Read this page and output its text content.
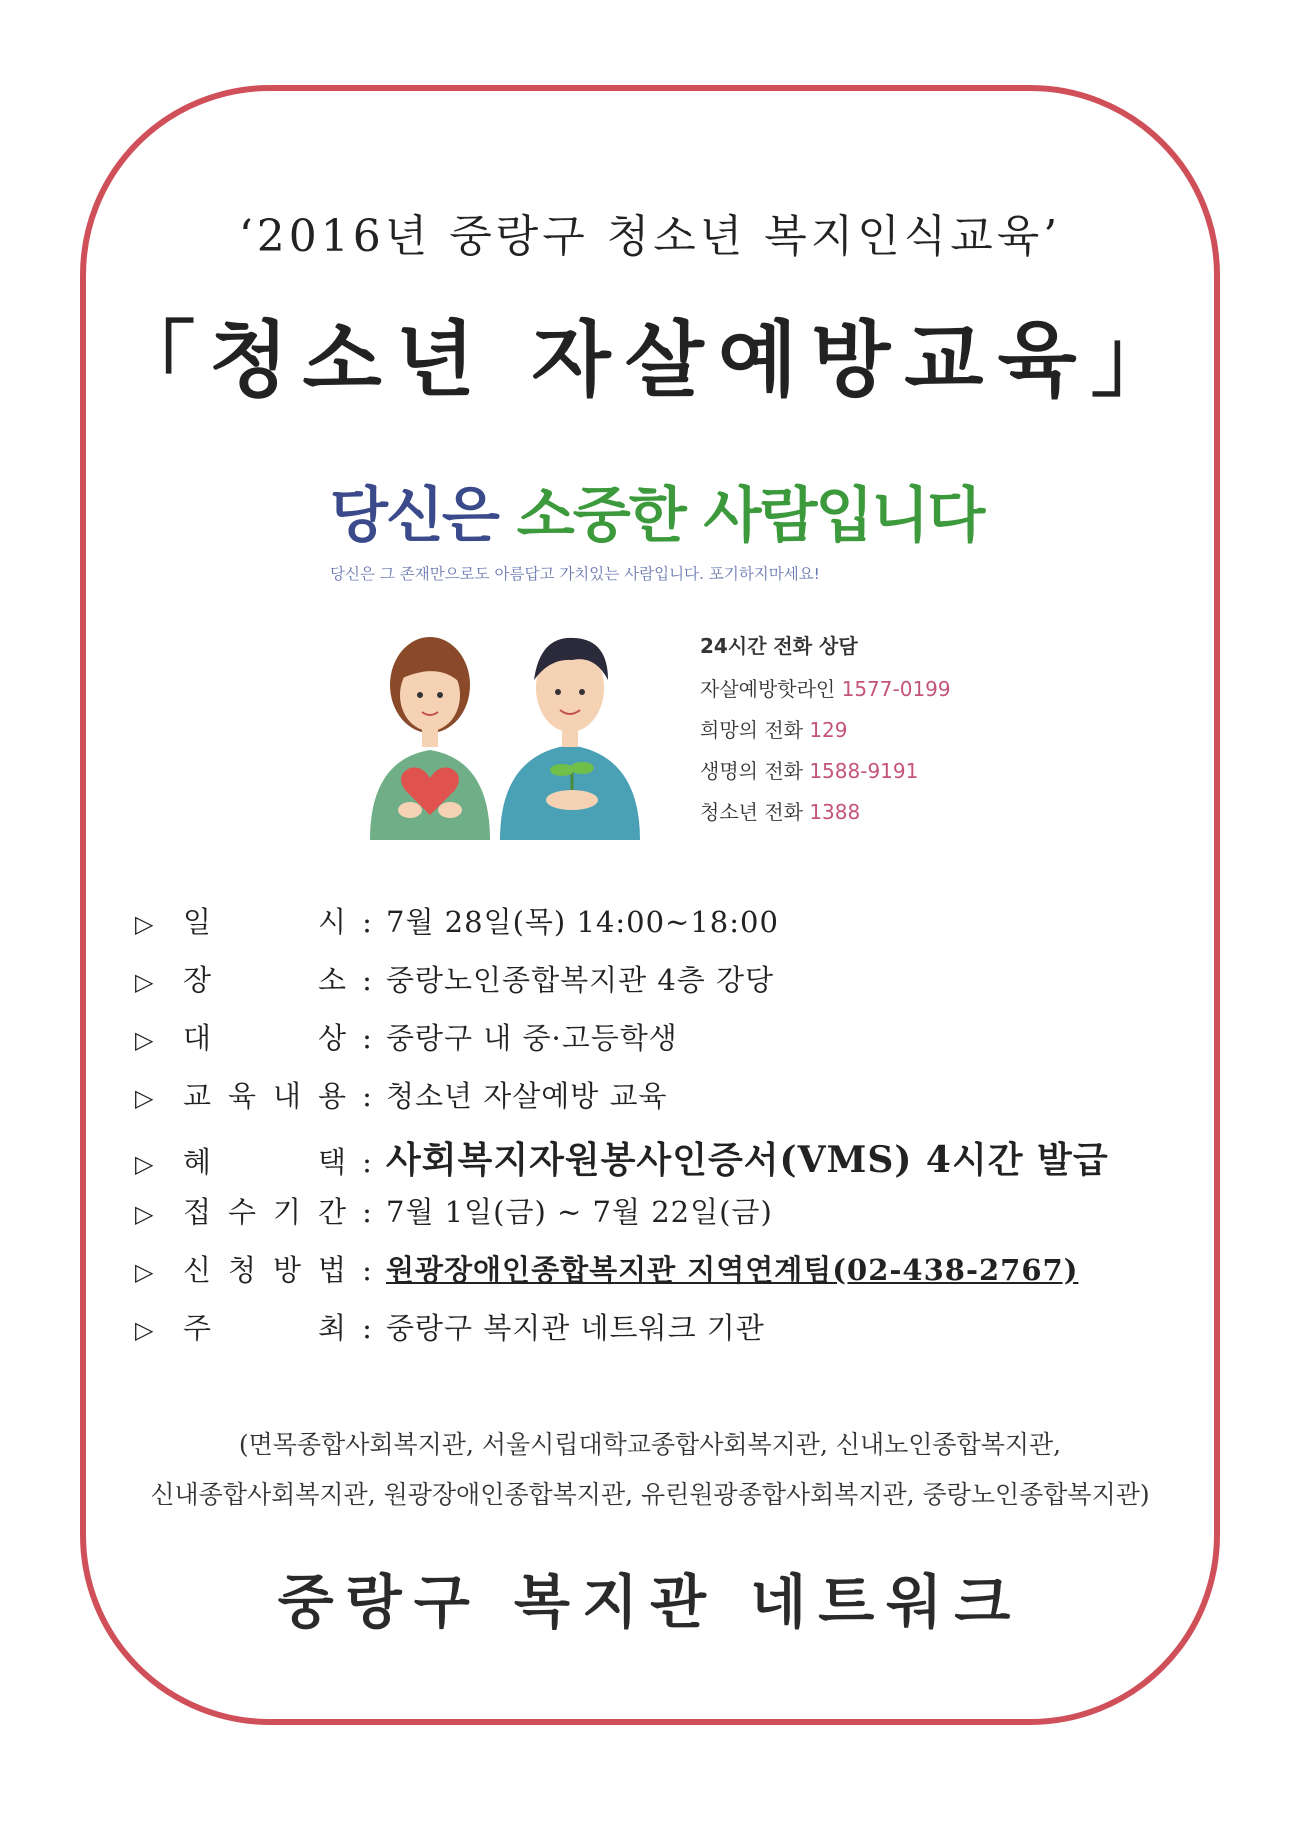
‘2016년 중랑구 청소년 복지인식교육’
「청소년 자살예방교육」
당신은 소중한 사람입니다
당신은 그 존재만으로도 아름답고 가치있는 사람입니다. 포기하지마세요!
24시간 전화 상담
자살예방핫라인 1577-0199
희망의 전화 129
생명의 전화 1588-9191
청소년 전화 1388
▷	일	시 : 7월 28일(목) 14:00~18:00
▷	장	소 : 중랑노인종합복지관 4층 강당
▷	대	상 : 중랑구 내 중·고등학생
▷	교 육 내 용 : 청소년 자살예방 교육
▷	혜	택 : 사회복지자원봉사인증서(VMS) 4시간 발급
▷	접 수 기 간 : 7월 1일(금) ~ 7월 22일(금)
▷	신 청 방 법 : 원광장애인종합복지관 지역연계팀(02-438-2767)
▷	주	최 : 중랑구 복지관 네트워크 기관
(면목종합사회복지관, 서울시립대학교종합사회복지관, 신내노인종합복지관,
신내종합사회복지관, 원광장애인종합복지관, 유린원광종합사회복지관, 중랑노인종합복지관)
중랑구 복지관 네트워크
